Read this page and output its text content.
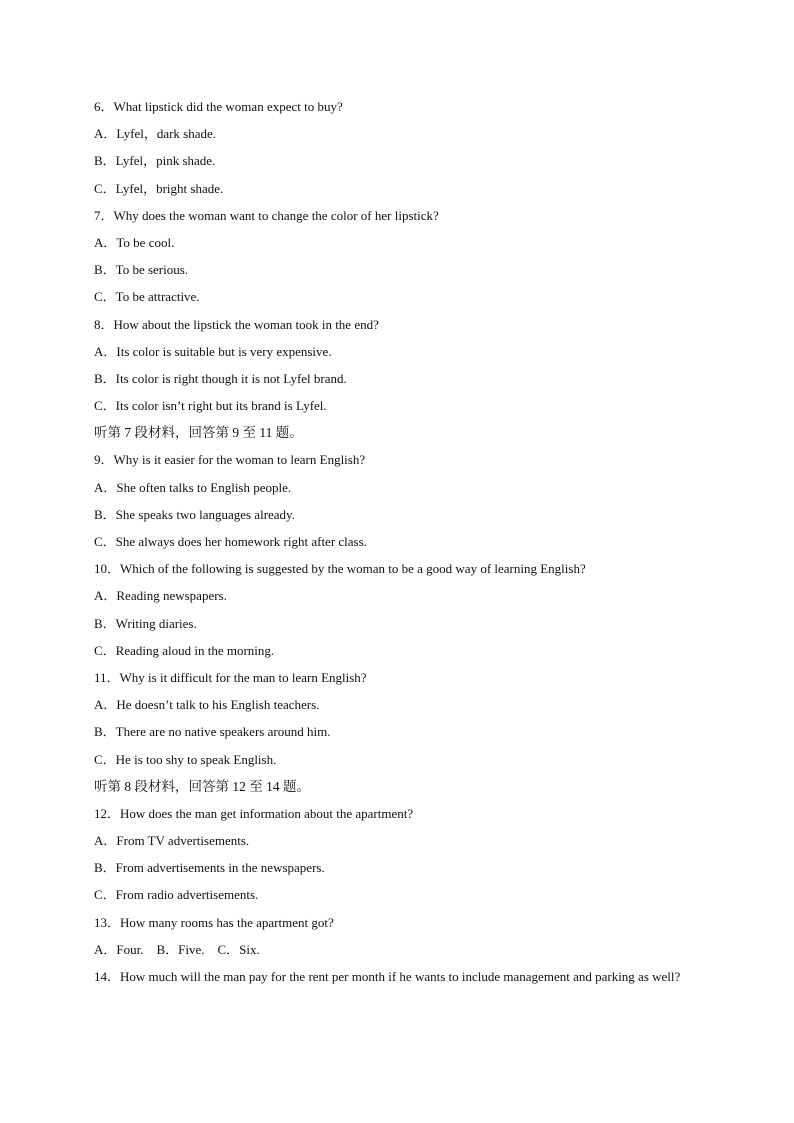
6．What lipstick did the woman expect to buy?
A．Lyfel，dark shade.
B．Lyfel，pink shade.
C．Lyfel，bright shade.
7．Why does the woman want to change the color of her lipstick?
A．To be cool.
B．To be serious.
C．To be attractive.
8．How about the lipstick the woman took in the end?
A．Its color is suitable but is very expensive.
B．Its color is right though it is not Lyfel brand.
C．Its color isn’t right but its brand is Lyfel.
听第 7 段材料，回答第 9 至 11 题。
9．Why is it easier for the woman to learn English?
A．She often talks to English people.
B．She speaks two languages already.
C．She always does her homework right after class.
10．Which of the following is suggested by the woman to be a good way of learning English?
A．Reading newspapers.
B．Writing diaries.
C．Reading aloud in the morning.
11．Why is it difficult for the man to learn English?
A．He doesn’t talk to his English teachers.
B．There are no native speakers around him.
C．He is too shy to speak English.
听第 8 段材料，回答第 12 至 14 题。
12．How does the man get information about the apartment?
A．From TV advertisements.
B．From advertisements in the newspapers.
C．From radio advertisements.
13．How many rooms has the apartment got?
A．Four.　B．Five.　C．Six.
14．How much will the man pay for the rent per month if he wants to include management and parking as well?
